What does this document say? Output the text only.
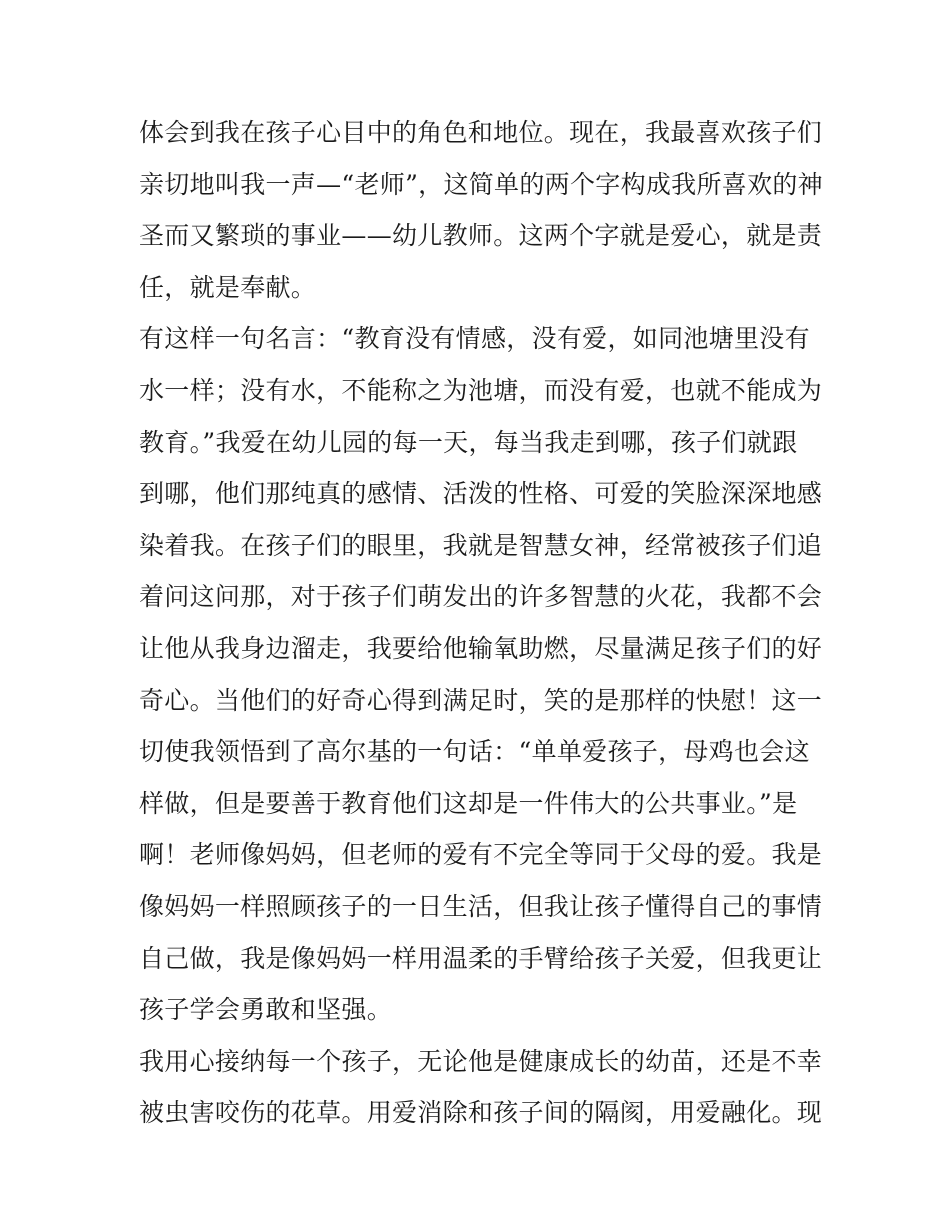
体会到我在孩子心目中的角色和地位。现在，我最喜欢孩子们
亲切地叫我一声—“老师”，这简单的两个字构成我所喜欢的神
圣而又繁琐的事业——幼儿教师。这两个字就是爱心，就是责
任，就是奉献。
有这样一句名言：“教育没有情感，没有爱，如同池塘里没有
水一样；没有水，不能称之为池塘，而没有爱，也就不能成为
教育。”我爱在幼儿园的每一天，每当我走到哪，孩子们就跟
到哪，他们那纯真的感情、活泼的性格、可爱的笑脸深深地感
染着我。在孩子们的眼里，我就是智慧女神，经常被孩子们追
着问这问那，对于孩子们萌发出的许多智慧的火花，我都不会
让他从我身边溜走，我要给他输氧助燃，尽量满足孩子们的好
奇心。当他们的好奇心得到满足时，笑的是那样的快慰！这一
切使我领悟到了高尔基的一句话：“单单爱孩子，母鸡也会这
样做，但是要善于教育他们这却是一件伟大的公共事业。”是
啊！老师像妈妈，但老师的爱有不完全等同于父母的爱。我是
像妈妈一样照顾孩子的一日生活，但我让孩子懂得自己的事情
自己做，我是像妈妈一样用温柔的手臂给孩子关爱，但我更让
孩子学会勇敢和坚强。
我用心接纳每一个孩子，无论他是健康成长的幼苗，还是不幸
被虫害咬伤的花草。用爱消除和孩子间的隔阂，用爱融化。现
